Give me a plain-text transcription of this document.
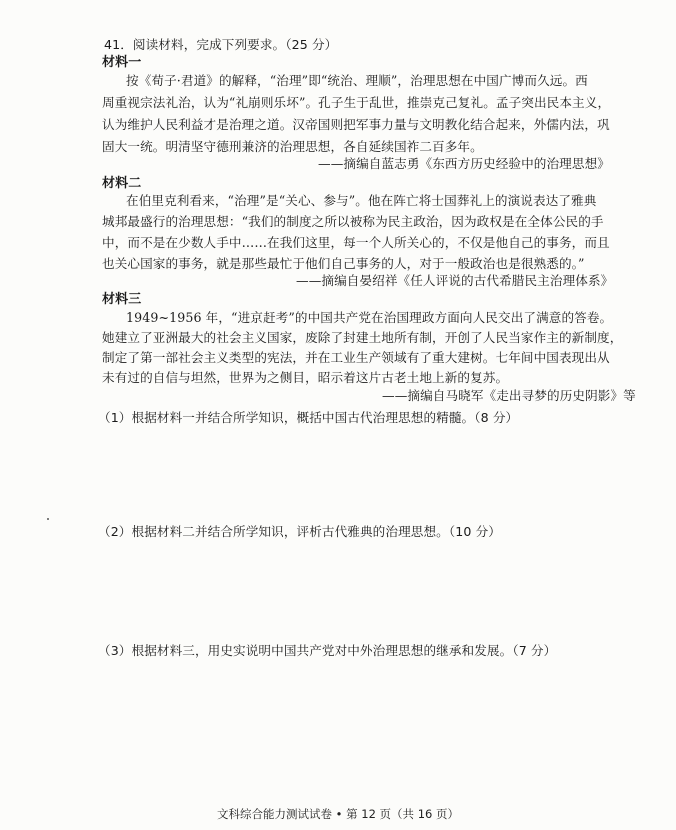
41．阅读材料，完成下列要求。（25 分）
材料一
按《荀子·君道》的解释，“治理”即“统治、理顺”，治理思想在中国广博而久远。西
周重视宗法礼治，认为“礼崩则乐坏”。孔子生于乱世，推崇克己复礼。孟子突出民本主义，
认为维护人民利益才是治理之道。汉帝国则把军事力量与文明教化结合起来，外儒内法，巩
固大一统。明清坚守德刑兼济的治理思想，各自延续国祚二百多年。
——摘编自蓝志勇《东西方历史经验中的治理思想》
材料二
在伯里克利看来，“治理”是“关心、参与”。他在阵亡将士国葬礼上的演说表达了雅典
城邦最盛行的治理思想：“我们的制度之所以被称为民主政治，因为政权是在全体公民的手
中，而不是在少数人手中……在我们这里，每一个人所关心的，不仅是他自己的事务，而且
也关心国家的事务，就是那些最忙于他们自己事务的人，对于一般政治也是很熟悉的。”
——摘编自晏绍祥《任人评说的古代希腊民主治理体系》
材料三
1949~1956 年，“进京赶考”的中国共产党在治国理政方面向人民交出了满意的答卷。
她建立了亚洲最大的社会主义国家，废除了封建土地所有制，开创了人民当家作主的新制度，
制定了第一部社会主义类型的宪法，并在工业生产领域有了重大建树。七年间中国表现出从
未有过的自信与坦然，世界为之侧目，昭示着这片古老土地上新的复苏。
——摘编自马晓军《走出寻梦的历史阴影》等
（1）根据材料一并结合所学知识，概括中国古代治理思想的精髓。（8 分）
（2）根据材料二并结合所学知识，评析古代雅典的治理思想。（10 分）
（3）根据材料三，用史实说明中国共产党对中外治理思想的继承和发展。（7 分）
文科综合能力测试试卷 • 第 12 页（共 16 页）
